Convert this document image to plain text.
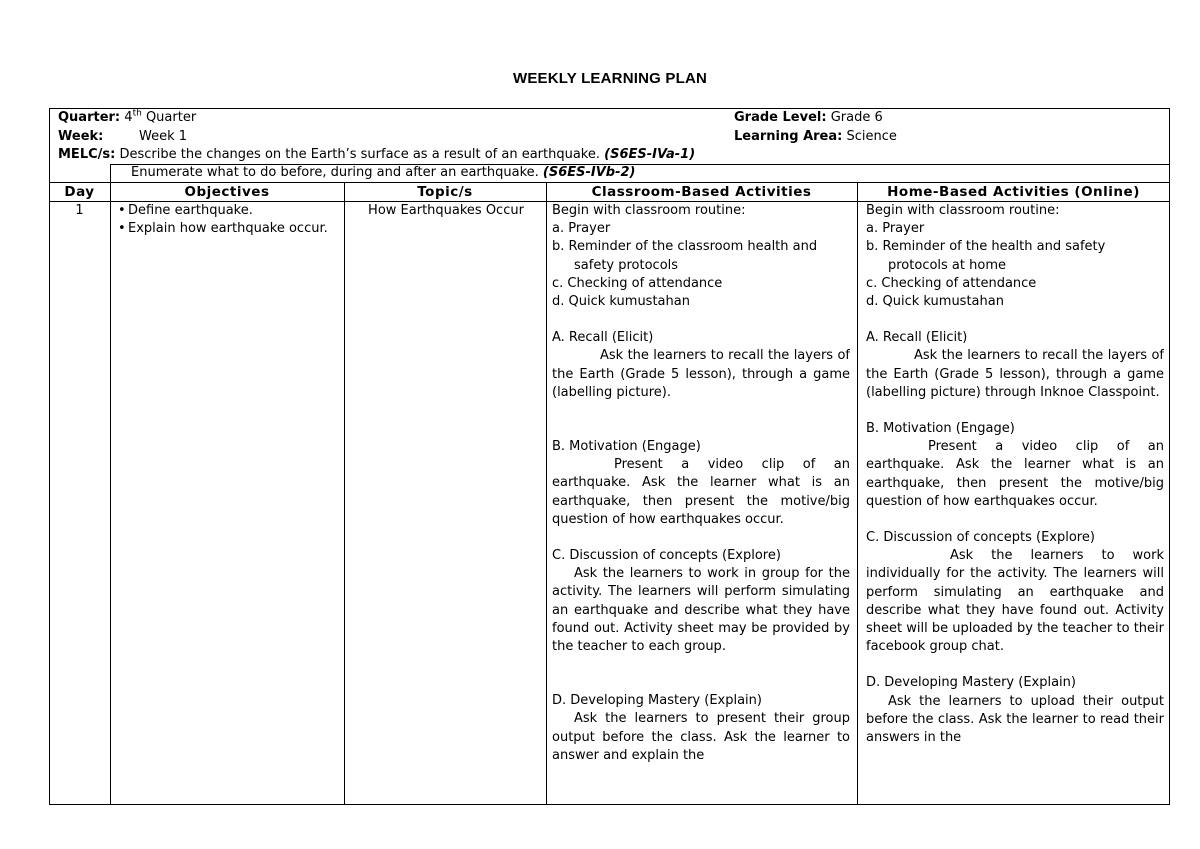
WEEKLY LEARNING PLAN
Quarter: 4th Quarter	Grade Level: Grade 6
Week:	Week 1	Learning Area: Science
MELC/s: Describe the changes on the Earth’s surface as a result of an earthquake. (S6ES-IVa-1)
Enumerate what to do before, during and after an earthquake. (S6ES-IVb-2)
Day	Objectives	Topic/s	Classroom-Based Activities	Home-Based Activities (Online)
1
•	Define earthquake.
• Explain how earthquake occur.
How Earthquakes Occur Begin with classroom routine:

a. Prayer

b. Reminder of the classroom health and safety protocols

c. Checking of attendance

d. Quick kumustahan

A. Recall (Elicit)

Ask the learners to recall the layers of the Earth (Grade 5 lesson), through a game (labelling picture).

B. Motivation (Engage)

Present a video clip of an earthquake. Ask the learner what is an earthquake, then present the motive/big question of how earthquakes occur.

C. Discussion of concepts (Explore)

Ask the learners to work in group for the activity. The learners will perform simulating an earthquake and describe what they have found out. Activity sheet may be provided by the teacher to each group.

D. Developing Mastery (Explain)

Ask the learners to present their group output before the class. Ask the learner to answer and explain the

Begin with classroom routine:

a. Prayer

b. Reminder of the health and safety protocols at home

c. Checking of attendance

d. Quick kumustahan

A. Recall (Elicit)

Ask the learners to recall the layers of the Earth (Grade 5 lesson), through a game (labelling picture) through Inknoe Classpoint.

B. Motivation (Engage)

Present a video clip of an earthquake. Ask the learner what is an earthquake, then present the motive/big question of how earthquakes occur.

C. Discussion of concepts (Explore)

Ask the learners to work individually for the activity. The learners will perform simulating an earthquake and describe what they have found out. Activity sheet will be uploaded by the teacher to their facebook group chat.

D. Developing Mastery (Explain)

Ask the learners to upload their output before the class. Ask the learner to read their answers in the
